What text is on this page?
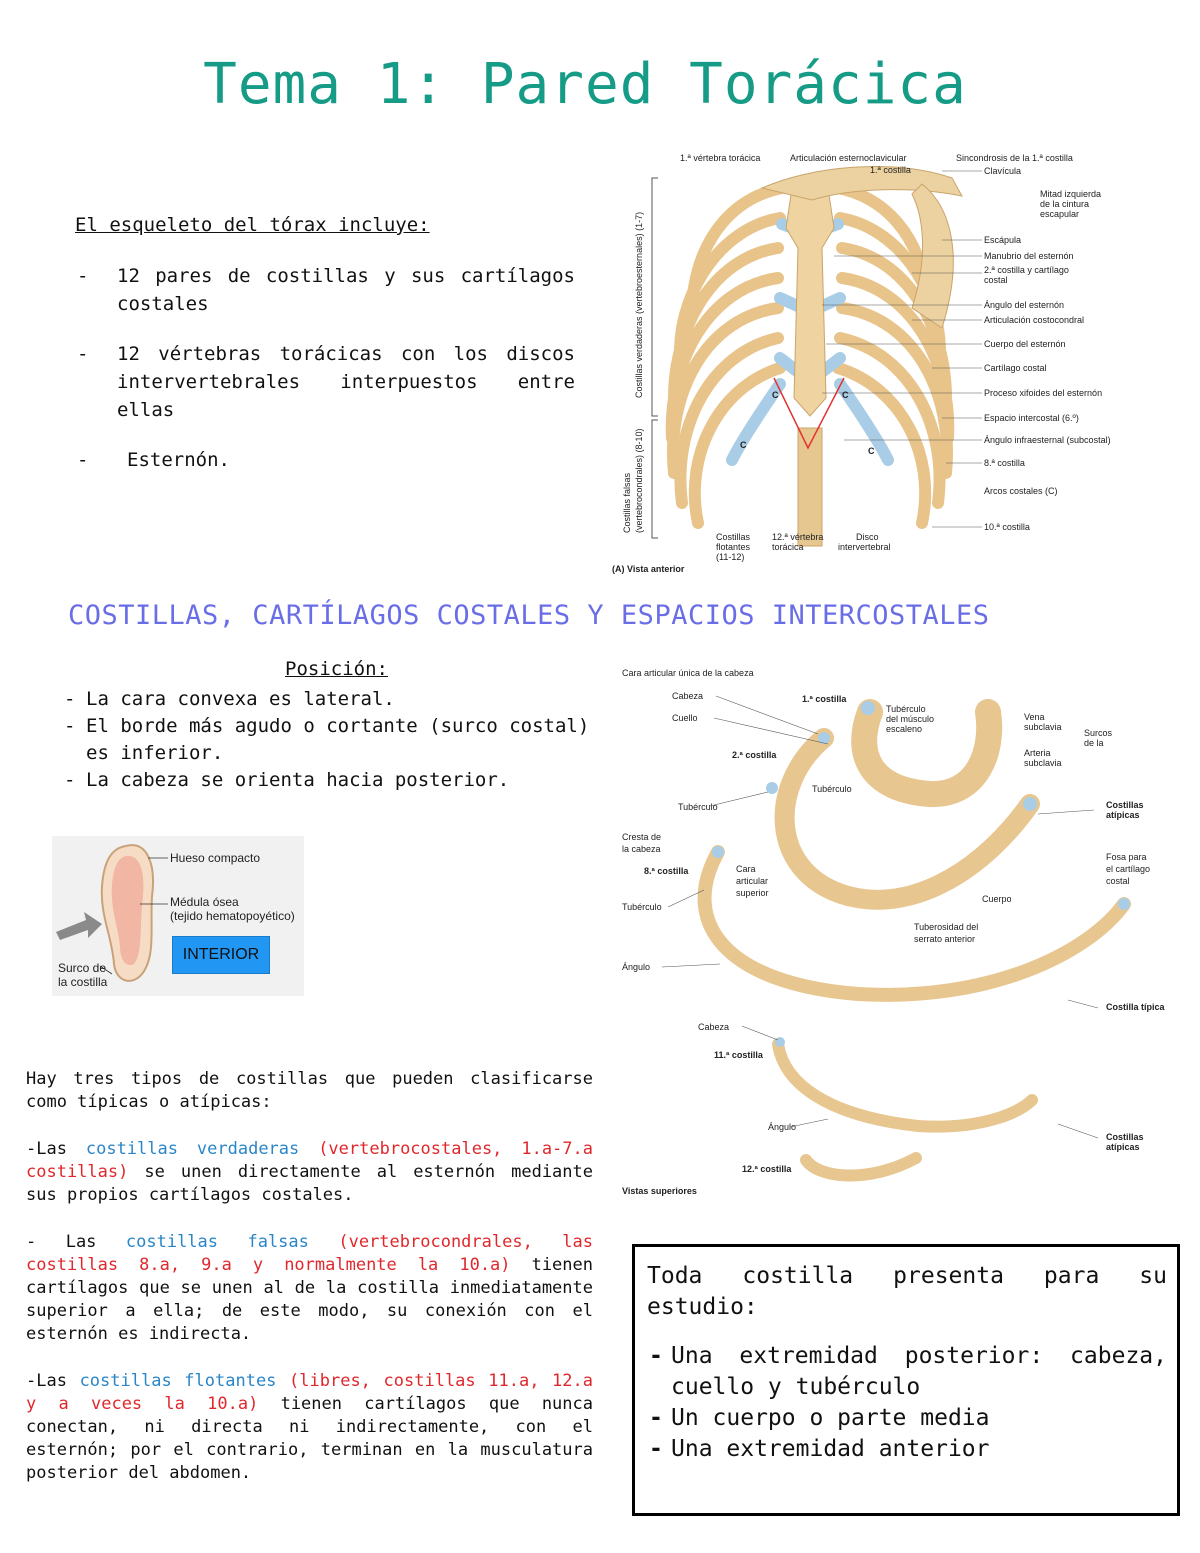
Tema 1: Pared Torácica
El esqueleto del tórax incluye:
- 12 pares de costillas y sus cartílagos costales
- 12 vértebras torácicas con los discos intervertebrales interpuestos entre ellas
- Esternón.
Costillas verdaderas (vertebroesternales) (1-7)
Costillas falsas (vertebrocondrales) (8-10)
1.ª vértebra torácica	Articulación esternoclavicular
1.ª costilla
Sincondrosis de la 1.ª costilla
Clavícula
Mitad izquierda
de la cintura
escapular
Escápula
Manubrio del esternón
2.ª costilla y cartílago
costal
Ángulo del esternón
Articulación costocondral
Cuerpo del esternón
Cartílago costal
Proceso xifoides del esternón
Espacio intercostal (6.º)
Ángulo infraesternal (subcostal)
8.ª costilla
Arcos costales (C)
10.ª costilla
C	C
C
C
Costillas
flotantes
(11-12)
12.ª vértebra
torácica
Disco
intervertebral
(A) Vista anterior
COSTILLAS, CARTÍLAGOS COSTALES Y ESPACIOS INTERCOSTALES
Posición:
- La cara convexa es lateral.
- El borde más agudo o cortante (surco costal) es inferior.
- La cabeza se orienta hacia posterior.
Hueso compacto
Médula ósea
(tejido hematopoyético)
Surco de
la costilla
INTERIOR
Cara articular única de la cabeza
Cabeza	1.ª costilla
Cuello
Tubérculo
del músculo
escaleno
Vena
subclavia
Arteria
subclavia
Surcos
de la
2.ª costilla
Tubérculo
Tubérculo
Costillas
atípicas
Cresta de
la cabeza
8.ª costilla	Cara
articular
superior
Cuerpo
Fosa para
el cartílago
costal
Tubérculo
Tuberosidad del
serrato anterior
Ángulo
Costilla típica
Cabeza
11.ª costilla
Ángulo
Costillas
atípicas
12.ª costilla
Vistas superiores

Hay tres tipos de costillas que pueden clasificarse como típicas o atípicas:

-Las costillas verdaderas (vertebrocostales, 1.a-7.a costillas) se unen directamente al esternón mediante sus propios cartílagos costales.

- Las costillas falsas (vertebrocondrales, las costillas 8.a, 9.a y normalmente la 10.a) tienen cartílagos que se unen al de la costilla inmediatamente superior a ella; de este modo, su conexión con el esternón es indirecta.

-Las costillas flotantes (libres, costillas 11.a, 12.a y a veces la 10.a) tienen cartílagos que nunca conectan, ni directa ni indirectamente, con el esternón; por el contrario, terminan en la musculatura posterior del abdomen.

Toda costilla presenta para su estudio:
- Una extremidad posterior: cabeza, cuello y tubérculo
- Un cuerpo o parte media
- Una extremidad anterior
